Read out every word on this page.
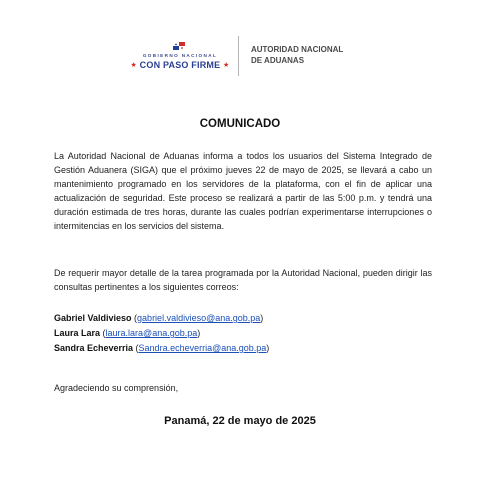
GOBIERNO NACIONAL
★ CON PASO FIRME ★
AUTORIDAD NACIONAL
DE ADUANAS
COMUNICADO

La Autoridad Nacional de Aduanas informa a todos los usuarios del Sistema Integrado de Gestión Aduanera (SIGA) que el próximo jueves 22 de mayo de 2025, se llevará a cabo un mantenimiento programado en los servidores de la plataforma, con el fin de aplicar una actualización de seguridad. Este proceso se realizará a partir de las 5:00 p.m. y tendrá una duración estimada de tres horas, durante las cuales podrían experimentarse interrupciones o intermitencias en los servicios del sistema.

De requerir mayor detalle de la tarea programada por la Autoridad Nacional, pueden dirigir las consultas pertinentes a los siguientes correos:

Gabriel Valdivieso (gabriel.valdivieso@ana.gob.pa)
Laura Lara (laura.lara@ana.gob.pa)
Sandra Echeverria (Sandra.echeverria@ana.gob.pa)
Agradeciendo su comprensión,
Panamá, 22 de mayo de 2025
